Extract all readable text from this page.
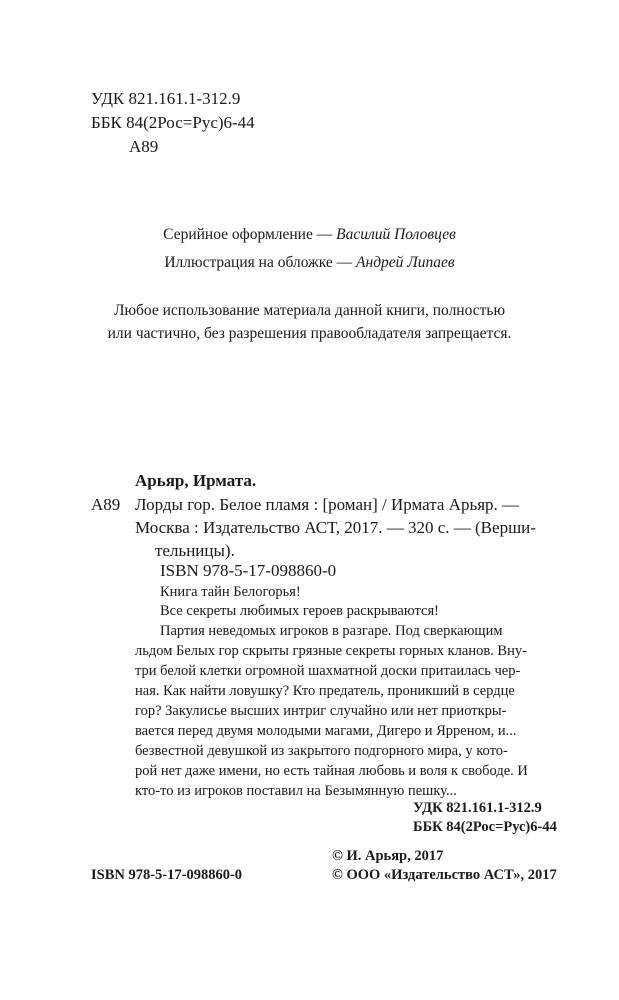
УДК 821.161.1-312.9
ББК 84(2Рос=Рус)6-44
А89
Серийное оформление — Василий Половцев
Иллюстрация на обложке — Андрей Липаев
Любое использование материала данной книги, полностью
или частично, без разрешения правообладателя запрещается.
Арьяр, Ирмата.
А89 Лорды гор. Белое пламя : [роман] / Ирмата Арьяр. —
Москва : Издательство АСТ, 2017. — 320 с. — (Верши-
тельницы).
ISBN 978-5-17-098860-0
Книга тайн Белогорья!
Все секреты любимых героев раскрываются!
Партия неведомых игроков в разгаре. Под сверкающим
льдом Белых гор скрыты грязные секреты горных кланов. Вну-
три белой клетки огромной шахматной доски притаилась чер-
ная. Как найти ловушку? Кто предатель, проникший в сердце
гор? Закулисье высших интриг случайно или нет приоткры-
вается перед двумя молодыми магами, Дигеро и Ярреном, и...
безвестной девушкой из закрытого подгорного мира, у кото-
рой нет даже имени, но есть тайная любовь и воля к свободе. И
кто-то из игроков поставил на Безымянную пешку...
УДК 821.161.1-312.9
ББК 84(2Рос=Рус)6-44
© И. Арьяр, 2017
ISBN 978-5-17-098860-0	© ООО «Издательство АСТ», 2017
